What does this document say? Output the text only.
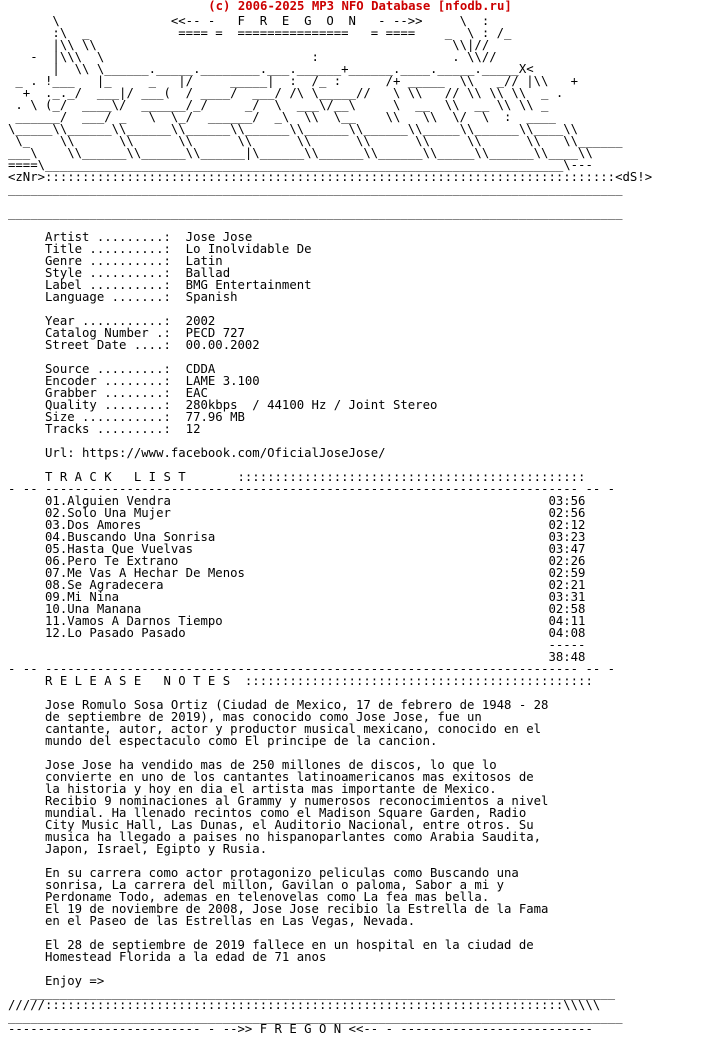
(c) 2006-2025 MP3 NFO Database [nfodb.ru]
\               <<-- -   F  R  E  G  O  N   - -->>     \  :
:\  _            ==== =  ===============   = ====    _  \ : /_
|\\ \\                                                \\|//
-  |\\\  \                            :                  . \\//
|  \\ \______._____.________.___.______+______.____._____._____X<
_ . !___   |_     _   |/     _____|  :  /_ :      /+ _____  \\   _// |\\   +
+  ._._/  ___|/ ___(  / ____/  ___/ /\ \_____//   \ \\   // \\ \\ \\  _ .
. \ (_/  ____\/  ______/_/     _/  \  ___\/__\     \  __  \\  __ \\ \\ _
______/  ___/ _   \  \_/  ______/  _\  \\  \__    \\   \\  \/  \  :  ____
\_____\\______\\______\\______\\______\\______\\______\\_____\\______\\____\\
\_    \\      \\      \\      \\      \\      \\      \\     \\      \\   \\______
___\    \\______\\______\\______|\______\\______\\______\\_____\\______\\____\\
====\______________________________________________________________________\---
<zNr>:::::::::::::::::::::::::::::::::::::::::::::::::::::::::::::::::::::::::::::<dS!>
___________________________________________________________________________________

___________________________________________________________________________________

Artist .........:  Jose Jose
Title ..........:  Lo Inolvidable De
Genre ..........:  Latin
Style ..........:  Ballad
Label ..........:  BMG Entertainment
Language .......:  Spanish

Year ...........:  2002
Catalog Number .:  PECD 727
Street Date ....:  00.00.2002

Source .........:  CDDA
Encoder ........:  LAME 3.100
Grabber ........:  EAC
Quality ........:  280kbps  / 44100 Hz / Joint Stereo
Size ...........:  77.96 MB
Tracks .........:  12

Url: https://www.facebook.com/OficialJoseJose/

T R A C K   L I S T       :::::::::::::::::::::::::::::::::::::::::::::::
- -- ------------------------------------------------------------------------ -- -
01.Alguien Vendra                                                   03:56
02.Solo Una Mujer                                                   02:56
03.Dos Amores                                                       02:12
04.Buscando Una Sonrisa                                             03:23
05.Hasta Que Vuelvas                                                03:47
06.Pero Te Extrano                                                  02:26
07.Me Vas A Hechar De Menos                                         02:59
08.Se Agradecera                                                    02:21
09.Mi Nina                                                          03:31
10.Una Manana                                                       02:58
11.Vamos A Darnos Tiempo                                            04:11
12.Lo Pasado Pasado                                                 04:08
-----
38:48
- -- ------------------------------------------------------------------------ -- -
R E L E A S E   N O T E S  :::::::::::::::::::::::::::::::::::::::::::::::

Jose Romulo Sosa Ortiz (Ciudad de Mexico, 17 de febrero de 1948 - 28
de septiembre de 2019), mas conocido como Jose Jose, fue un
cantante, autor, actor y productor musical mexicano, conocido en el
mundo del espectaculo como El principe de la cancion.

Jose Jose ha vendido mas de 250 millones de discos, lo que lo
convierte en uno de los cantantes latinoamericanos mas exitosos de
la historia y hoy en dia el artista mas importante de Mexico.
Recibio 9 nominaciones al Grammy y numerosos reconocimientos a nivel
mundial. Ha llenado recintos como el Madison Square Garden, Radio
City Music Hall, Las Dunas, el Auditorio Nacional, entre otros. Su
musica ha llegado a paises no hispanoparlantes como Arabia Saudita,
Japon, Israel, Egipto y Rusia.

En su carrera como actor protagonizo peliculas como Buscando una
sonrisa, La carrera del millon, Gavilan o paloma, Sabor a mi y
Perdoname Todo, ademas en telenovelas como La fea mas bella.
El 19 de noviembre de 2008, Jose Jose recibio la Estrella de la Fama
en el Paseo de las Estrellas en Las Vegas, Nevada.

El 28 de septiembre de 2019 fallece en un hospital en la ciudad de
Homestead Florida a la edad de 71 anos

Enjoy =>
_______________________________________________________________________________
/////::::::::::::::::::::::::::::::::::::::::::::::::::::::::::::::::::::::\\\\\
___________________________________________________________________________________
-------------------------- - -->> F R E G O N <<-- - --------------------------
